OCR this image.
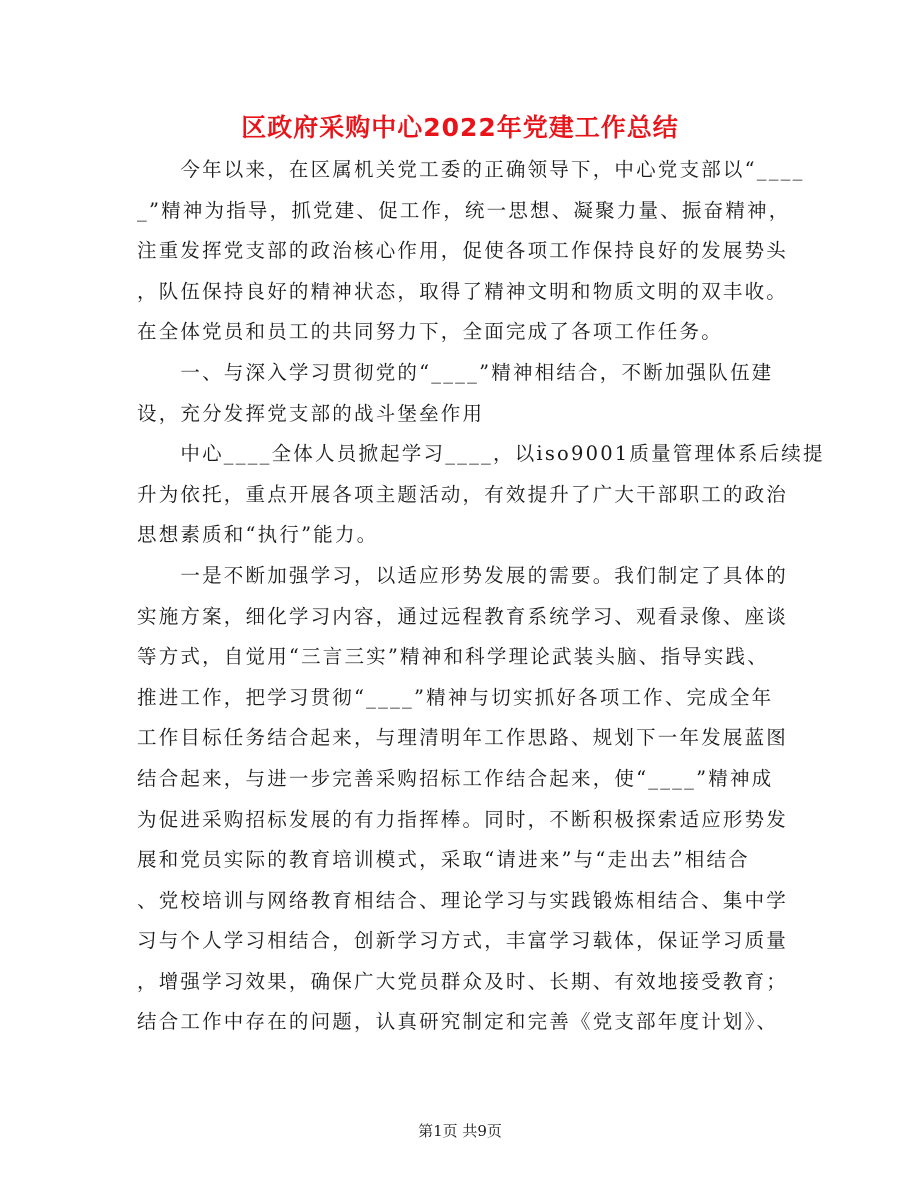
区政府采购中心2022年党建工作总结
　　今年以来，在区属机关党工委的正确领导下，中心党支部以“____
_”精神为指导，抓党建、促工作，统一思想、凝聚力量、振奋精神，
注重发挥党支部的政治核心作用，促使各项工作保持良好的发展势头
，队伍保持良好的精神状态，取得了精神文明和物质文明的双丰收。
在全体党员和员工的共同努力下，全面完成了各项工作任务。
　　一、与深入学习贯彻党的“____”精神相结合，不断加强队伍建
设，充分发挥党支部的战斗堡垒作用
　　中心____全体人员掀起学习____，以iso9001质量管理体系后续提
升为依托，重点开展各项主题活动，有效提升了广大干部职工的政治
思想素质和“执行”能力。
　　一是不断加强学习，以适应形势发展的需要。我们制定了具体的
实施方案，细化学习内容，通过远程教育系统学习、观看录像、座谈
等方式，自觉用“三言三实”精神和科学理论武装头脑、指导实践、
推进工作，把学习贯彻“____”精神与切实抓好各项工作、完成全年
工作目标任务结合起来，与理清明年工作思路、规划下一年发展蓝图
结合起来，与进一步完善采购招标工作结合起来，使“____”精神成
为促进采购招标发展的有力指挥棒。同时，不断积极探索适应形势发
展和党员实际的教育培训模式，采取“请进来”与“走出去”相结合
、党校培训与网络教育相结合、理论学习与实践锻炼相结合、集中学
习与个人学习相结合，创新学习方式，丰富学习载体，保证学习质量
，增强学习效果，确保广大党员群众及时、长期、有效地接受教育；
结合工作中存在的问题，认真研究制定和完善《党支部年度计划》、
第1页 共9页
